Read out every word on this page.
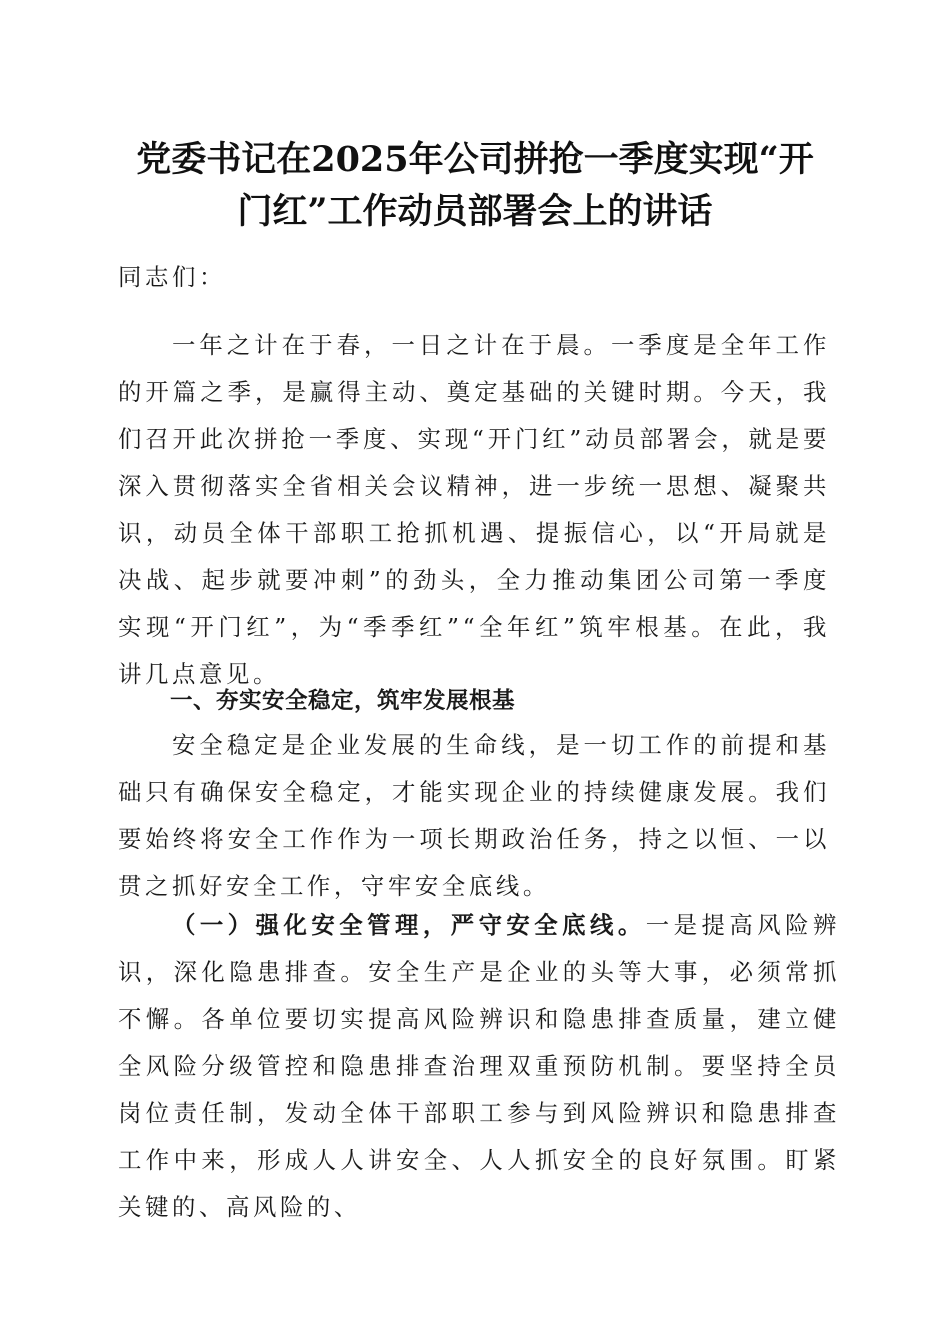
党委书记在2025年公司拼抢一季度实现“开
门红”工作动员部署会上的讲话

同志们：

一年之计在于春，一日之计在于晨。一季度是全年工作的开篇之季，是赢得主动、奠定基础的关键时期。今天，我们召开此次拼抢一季度、实现“开门红”动员部署会，就是要深入贯彻落实全省相关会议精神，进一步统一思想、凝聚共识，动员全体干部职工抢抓机遇、提振信心，以“开局就是决战、起步就要冲刺”的劲头，全力推动集团公司第一季度实现“开门红”，为“季季红”“全年红”筑牢根基。在此，我讲几点意见。

一、夯实安全稳定，筑牢发展根基

安全稳定是企业发展的生命线，是一切工作的前提和基础只有确保安全稳定，才能实现企业的持续健康发展。我们要始终将安全工作作为一项长期政治任务，持之以恒、一以贯之抓好安全工作，守牢安全底线。

（一）强化安全管理，严守安全底线。一是提高风险辨识，深化隐患排查。安全生产是企业的头等大事，必须常抓不懈。各单位要切实提高风险辨识和隐患排查质量，建立健全风险分级管控和隐患排查治理双重预防机制。要坚持全员岗位责任制，发动全体干部职工参与到风险辨识和隐患排查工作中来，形成人人讲安全、人人抓安全的良好氛围。盯紧关键的、高风险的、
